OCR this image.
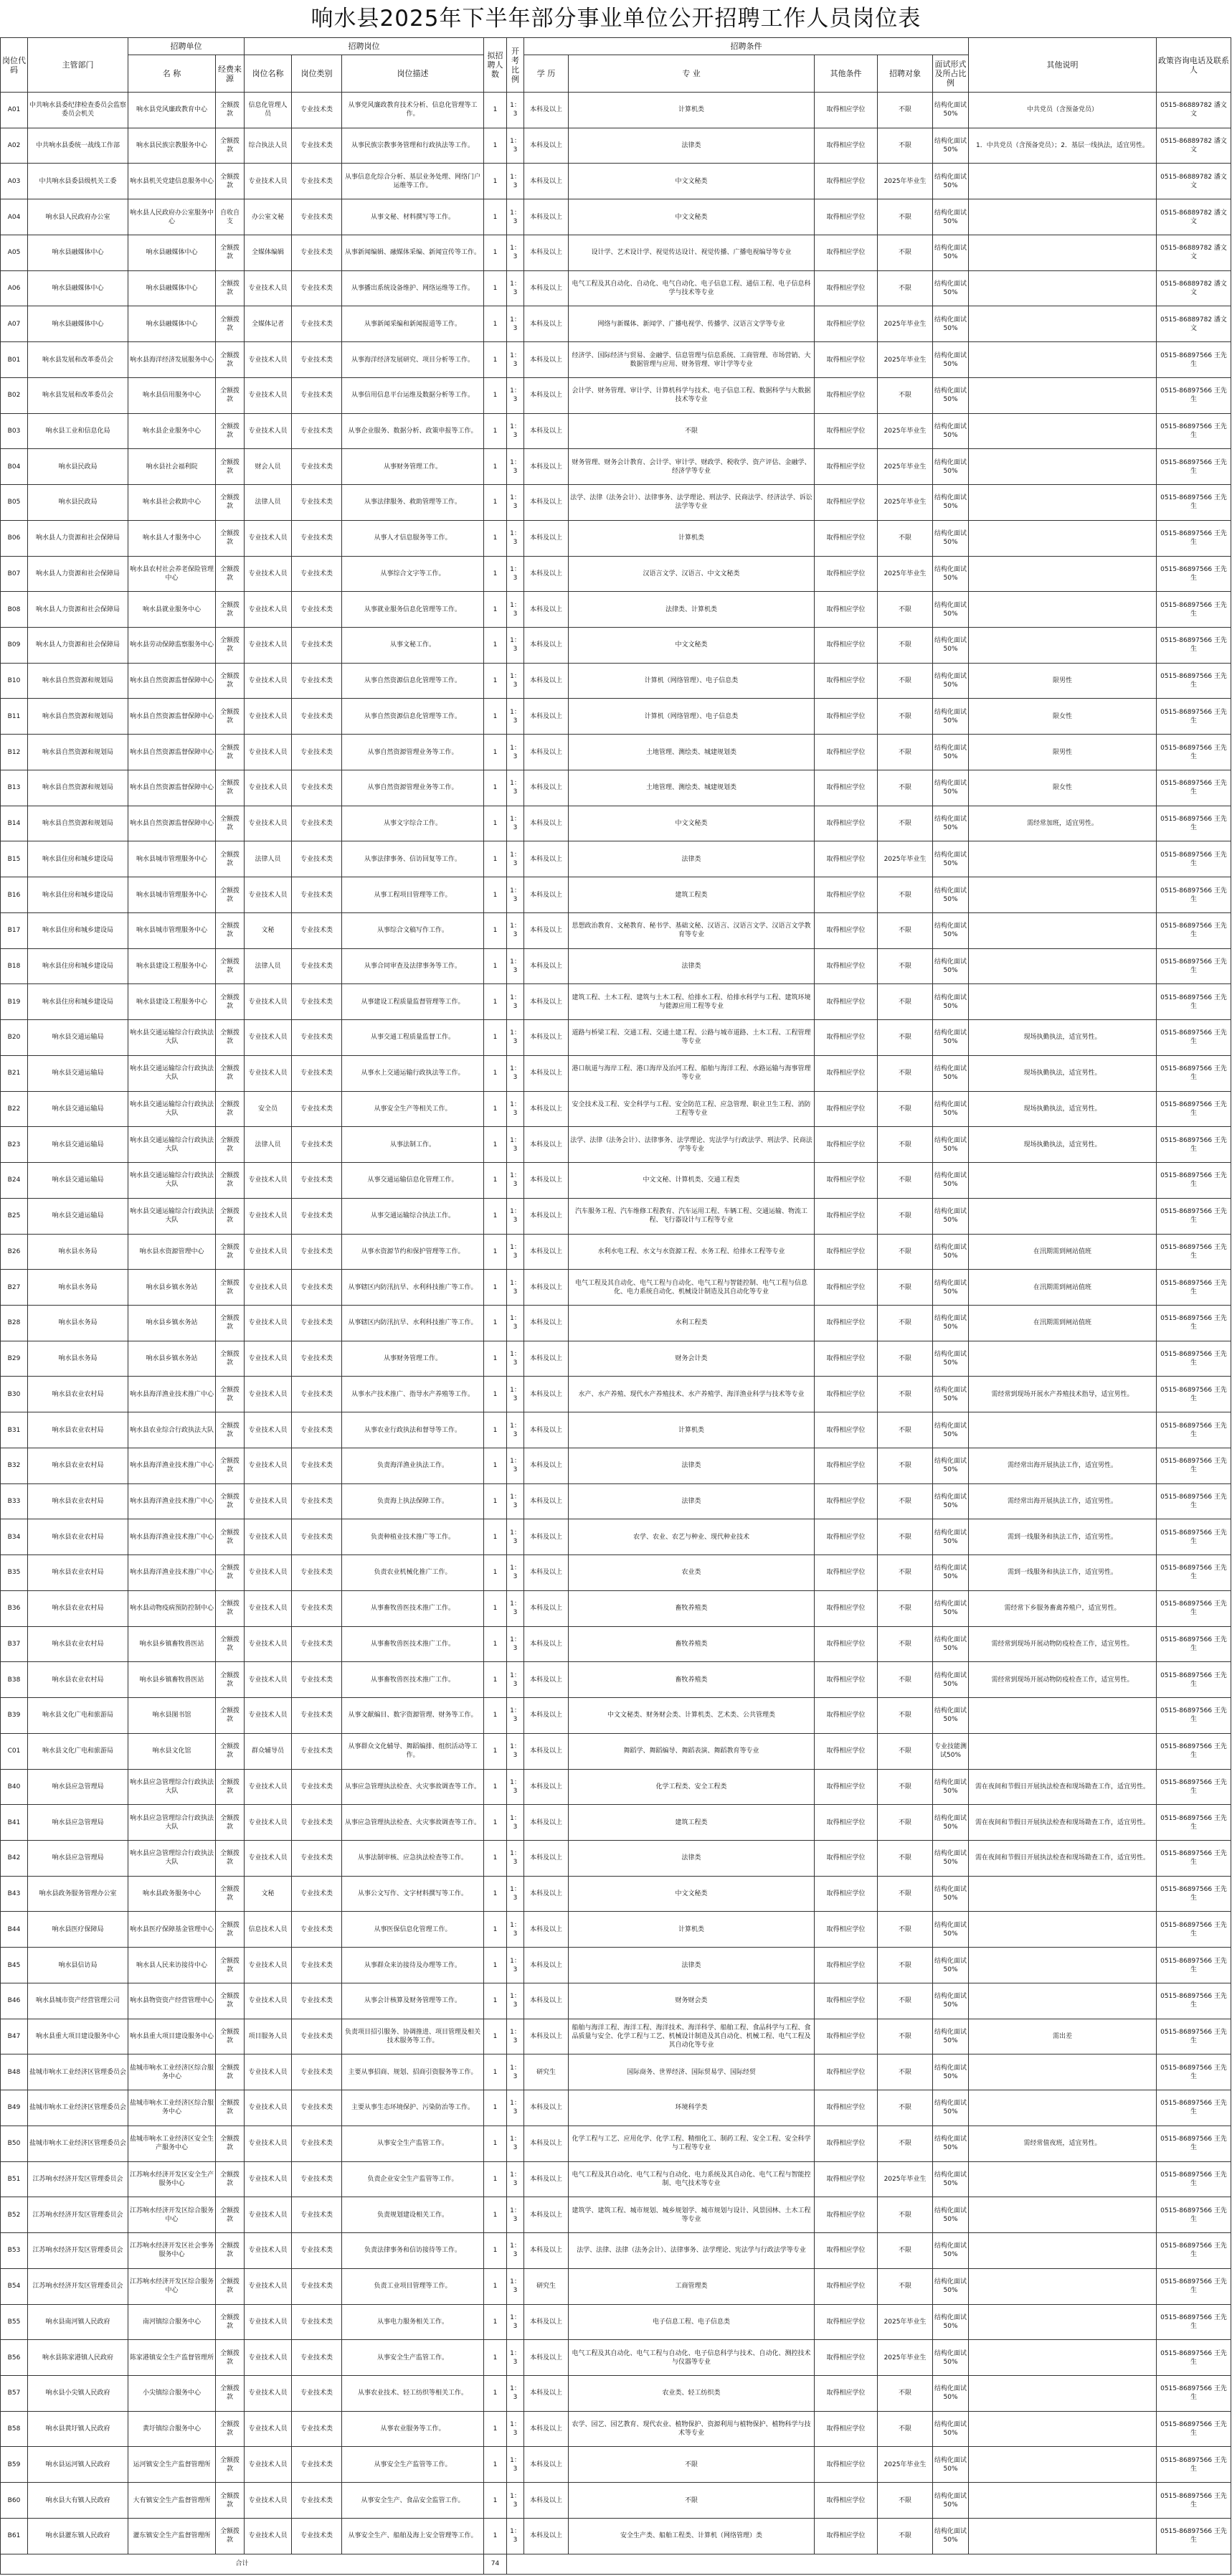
响水县2025年下半年部分事业单位公开招聘工作人员岗位表
岗位代码	主管部门	招聘单位		招聘岗位			拟招聘人数	开考比例	招聘条件					其他说明	政策咨询电话及联系人
		名 称	经费来源	岗位名称	岗位类别	岗位描述			学 历	专 业	其他条件	招聘对象	面试形式及所占比例		
A01	中共响水县委纪律检查委员会监察委员会机关	响水县党风廉政教育中心	全额拨款	信息化管理人员	专业技术类	从事党风廉政教育技术分析、信息化管理等工作。	1	1：3	本科及以上	计算机类	取得相应学位	不限	结构化面试50%	中共党员（含预备党员）	0515-86889782 潘文文
A02	中共响水县委统一战线工作部	响水县民族宗教服务中心	全额拨款	综合执法人员	专业技术类	从事民族宗教事务管理和行政执法等工作。	1	1：3	本科及以上	法律类	取得相应学位	不限	结构化面试50%	1．中共党员（含预备党员）；2．基层一线执法，适宜男性。	0515-86889782 潘文文
A03	中共响水县委县级机关工委	响水县机关党建信息服务中心	全额拨款	专业技术人员	专业技术类	从事信息化综合分析、基层业务处理、网络门户运维等工作。	1	1：3	本科及以上	中文文秘类	取得相应学位	2025年毕业生	结构化面试50%		0515-86889782 潘文文
A04	响水县人民政府办公室	响水县人民政府办公室服务中心	自收自支	办公室文秘	专业技术类	从事文秘、材料撰写等工作。	1	1：3	本科及以上	中文文秘类	取得相应学位	不限	结构化面试50%		0515-86889782 潘文文
A05	响水县融媒体中心	响水县融媒体中心	全额拨款	全媒体编辑	专业技术类	从事新闻编辑、融媒体采编、新闻宣传等工作。	1	1：3	本科及以上	设计学、艺术设计学、视觉传达设计、视觉传播、广播电视编导等专业	取得相应学位	不限	结构化面试50%		0515-86889782 潘文文
A06	响水县融媒体中心	响水县融媒体中心	全额拨款	专业技术人员	专业技术类	从事播出系统设备维护、网络运维等工作。	1	1：3	本科及以上	电气工程及其自动化、自动化、电气自动化、电子信息工程、通信工程、电子信息科学与技术等专业	取得相应学位	不限	结构化面试50%		0515-86889782 潘文文
A07	响水县融媒体中心	响水县融媒体中心	全额拨款	全媒体记者	专业技术类	从事新闻采编和新闻报道等工作。	1	1：3	本科及以上	网络与新媒体、新闻学、广播电视学、传播学、汉语言文学等专业	取得相应学位	2025年毕业生	结构化面试50%		0515-86889782 潘文文
B01	响水县发展和改革委员会	响水县海洋经济发展服务中心	全额拨款	专业技术人员	专业技术类	从事海洋经济发展研究、项目分析等工作。	1	1：3	本科及以上	经济学、国际经济与贸易、金融学、信息管理与信息系统、工商管理、市场营销、大数据管理与应用、财务管理、审计学等专业	取得相应学位	2025年毕业生	结构化面试50%		0515-86897566 王先生
B02	响水县发展和改革委员会	响水县信用服务中心	全额拨款	专业技术人员	专业技术类	从事信用信息平台运维及数据分析等工作。	1	1：3	本科及以上	会计学、财务管理、审计学、计算机科学与技术、电子信息工程、数据科学与大数据技术等专业	取得相应学位	不限	结构化面试50%		0515-86897566 王先生
B03	响水县工业和信息化局	响水县企业服务中心	全额拨款	专业技术人员	专业技术类	从事企业服务、数据分析、政策申报等工作。	1	1：3	本科及以上	不限	取得相应学位	2025年毕业生	结构化面试50%		0515-86897566 王先生
B04	响水县民政局	响水县社会福利院	全额拨款	财会人员	专业技术类	从事财务管理工作。	1	1：3	本科及以上	财务管理、财务会计教育、会计学、审计学、财政学、税收学、资产评估、金融学、经济学等专业	取得相应学位	2025年毕业生	结构化面试50%		0515-86897566 王先生
B05	响水县民政局	响水县社会救助中心	全额拨款	法律人员	专业技术类	从事法律服务、救助管理等工作。	1	1：3	本科及以上	法学、法律（法务会计）、法律事务、法学理论、刑法学、民商法学、经济法学、诉讼法学等专业	取得相应学位	2025年毕业生	结构化面试50%		0515-86897566 王先生
B06	响水县人力资源和社会保障局	响水县人才服务中心	全额拨款	专业技术人员	专业技术类	从事人才信息服务等工作。	1	1：3	本科及以上	计算机类	取得相应学位	不限	结构化面试50%		0515-86897566 王先生
B07	响水县人力资源和社会保障局	响水县农村社会养老保险管理中心	全额拨款	专业技术人员	专业技术类	从事综合文字等工作。	1	1：3	本科及以上	汉语言文学、汉语言、中文文秘类	取得相应学位	2025年毕业生	结构化面试50%		0515-86897566 王先生
B08	响水县人力资源和社会保障局	响水县就业服务中心	全额拨款	专业技术人员	专业技术类	从事就业服务信息化管理等工作。	1	1：3	本科及以上	法律类、计算机类	取得相应学位	不限	结构化面试50%		0515-86897566 王先生
B09	响水县人力资源和社会保障局	响水县劳动保障监察服务中心	全额拨款	专业技术人员	专业技术类	从事文秘工作。	1	1：3	本科及以上	中文文秘类	取得相应学位	不限	结构化面试50%		0515-86897566 王先生
B10	响水县自然资源和规划局	响水县自然资源监督保障中心	全额拨款	专业技术人员	专业技术类	从事自然资源信息化管理等工作。	1	1：3	本科及以上	计算机（网络管理）、电子信息类	取得相应学位	不限	结构化面试50%	限男性	0515-86897566 王先生
B11	响水县自然资源和规划局	响水县自然资源监督保障中心	全额拨款	专业技术人员	专业技术类	从事自然资源信息化管理等工作。	1	1：3	本科及以上	计算机（网络管理）、电子信息类	取得相应学位	不限	结构化面试50%	限女性	0515-86897566 王先生
B12	响水县自然资源和规划局	响水县自然资源监督保障中心	全额拨款	专业技术人员	专业技术类	从事自然资源管理业务等工作。	1	1：3	本科及以上	土地管理、测绘类、城建规划类	取得相应学位	不限	结构化面试50%	限男性	0515-86897566 王先生
B13	响水县自然资源和规划局	响水县自然资源监督保障中心	全额拨款	专业技术人员	专业技术类	从事自然资源管理业务等工作。	1	1：3	本科及以上	土地管理、测绘类、城建规划类	取得相应学位	不限	结构化面试50%	限女性	0515-86897566 王先生
B14	响水县自然资源和规划局	响水县自然资源监督保障中心	全额拨款	专业技术人员	专业技术类	从事文字综合工作。	1	1：3	本科及以上	中文文秘类	取得相应学位	不限	结构化面试50%	需经常加班，适宜男性。	0515-86897566 王先生
B15	响水县住房和城乡建设局	响水县城市管理服务中心	全额拨款	法律人员	专业技术类	从事法律事务、信访回复等工作。	1	1：3	本科及以上	法律类	取得相应学位	2025年毕业生	结构化面试50%		0515-86897566 王先生
B16	响水县住房和城乡建设局	响水县城市管理服务中心	全额拨款	专业技术人员	专业技术类	从事工程项目管理等工作。	1	1：3	本科及以上	建筑工程类	取得相应学位	不限	结构化面试50%		0515-86897566 王先生
B17	响水县住房和城乡建设局	响水县城市管理服务中心	全额拨款	文秘	专业技术类	从事综合文稿写作工作。	1	1：3	本科及以上	思想政治教育、文秘教育、秘书学、基础文秘、汉语言、汉语言文学、汉语言文学教育等专业	取得相应学位	不限	结构化面试50%		0515-86897566 王先生
B18	响水县住房和城乡建设局	响水县建设工程服务中心	全额拨款	法律人员	专业技术类	从事合同审查及法律事务等工作。	1	1：3	本科及以上	法律类	取得相应学位	不限	结构化面试50%		0515-86897566 王先生
B19	响水县住房和城乡建设局	响水县建设工程服务中心	全额拨款	专业技术人员	专业技术类	从事建设工程质量监督管理等工作。	1	1：3	本科及以上	建筑工程、土木工程、建筑与土木工程、给排水工程、给排水科学与工程、建筑环境与能源应用工程等专业	取得相应学位	不限	结构化面试50%		0515-86897566 王先生
B20	响水县交通运输局	响水县交通运输综合行政执法大队	全额拨款	专业技术人员	专业技术类	从事交通工程质量监督工作。	1	1：3	本科及以上	道路与桥梁工程、交通工程、交通土建工程、公路与城市道路、土木工程、工程管理等专业	取得相应学位	不限	结构化面试50%	现场执勤执法，适宜男性。	0515-86897566 王先生
B21	响水县交通运输局	响水县交通运输综合行政执法大队	全额拨款	专业技术人员	专业技术类	从事水上交通运输行政执法等工作。	1	1：3	本科及以上	港口航道与海岸工程、港口海岸及治河工程、船舶与海洋工程、水路运输与海事管理等专业	取得相应学位	不限	结构化面试50%	现场执勤执法，适宜男性。	0515-86897566 王先生
B22	响水县交通运输局	响水县交通运输综合行政执法大队	全额拨款	安全员	专业技术类	从事安全生产等相关工作。	1	1：3	本科及以上	安全技术及工程、安全科学与工程、安全防范工程、应急管理、职业卫生工程、消防工程等专业	取得相应学位	不限	结构化面试50%	现场执勤执法，适宜男性。	0515-86897566 王先生
B23	响水县交通运输局	响水县交通运输综合行政执法大队	全额拨款	法律人员	专业技术类	从事法制工作。	1	1：3	本科及以上	法学、法律（法务会计）、法律事务、法学理论、宪法学与行政法学、刑法学、民商法学等专业	取得相应学位	不限	结构化面试50%	现场执勤执法，适宜男性。	0515-86897566 王先生
B24	响水县交通运输局	响水县交通运输综合行政执法大队	全额拨款	专业技术人员	专业技术类	从事交通运输信息化管理工作。	1	1：3	本科及以上	中文文秘、计算机类、交通工程类	取得相应学位	不限	结构化面试50%		0515-86897566 王先生
B25	响水县交通运输局	响水县交通运输综合行政执法大队	全额拨款	专业技术人员	专业技术类	从事交通运输综合执法工作。	1	1：3	本科及以上	汽车服务工程、汽车维修工程教育、汽车运用工程、车辆工程、交通运输、物流工程、飞行器设计与工程等专业	取得相应学位	不限	结构化面试50%		0515-86897566 王先生
B26	响水县水务局	响水县水资源管理中心	全额拨款	专业技术人员	专业技术类	从事水资源节约和保护管理等工作。	1	1：3	本科及以上	水利水电工程、水文与水资源工程、水务工程、给排水工程等专业	取得相应学位	不限	结构化面试50%	在汛期需到闸站值班	0515-86897566 王先生
B27	响水县水务局	响水县乡镇水务站	全额拨款	专业技术人员	专业技术类	从事辖区内防汛抗旱、水利科技推广等工作。	1	1：3	本科及以上	电气工程及其自动化、电气工程与自动化、电气工程与智能控制、电气工程与信息化、电力系统自动化、机械设计制造及其自动化等专业	取得相应学位	不限	结构化面试50%	在汛期需到闸站值班	0515-86897566 王先生
B28	响水县水务局	响水县乡镇水务站	全额拨款	专业技术人员	专业技术类	从事辖区内防汛抗旱、水利科技推广等工作。	1	1：3	本科及以上	水利工程类	取得相应学位	不限	结构化面试50%	在汛期需到闸站值班	0515-86897566 王先生
B29	响水县水务局	响水县乡镇水务站	全额拨款	专业技术人员	专业技术类	从事财务管理工作。	1	1：3	本科及以上	财务会计类	取得相应学位	不限	结构化面试50%		0515-86897566 王先生
B30	响水县农业农村局	响水县海洋渔业技术推广中心	全额拨款	专业技术人员	专业技术类	从事水产技术推广、指导水产养殖等工作。	1	1：3	本科及以上	水产、水产养殖、现代水产养殖技术、水产养殖学、海洋渔业科学与技术等专业	取得相应学位	不限	结构化面试50%	需经常到现场开展水产养殖技术指导，适宜男性。	0515-86897566 王先生
B31	响水县农业农村局	响水县农业综合行政执法大队	全额拨款	专业技术人员	专业技术类	从事农业行政执法和督导等工作。	1	1：3	本科及以上	计算机类	取得相应学位	不限	结构化面试50%		0515-86897566 王先生
B32	响水县农业农村局	响水县海洋渔业技术推广中心	全额拨款	专业技术人员	专业技术类	负责海洋渔业执法工作。	1	1：3	本科及以上	法律类	取得相应学位	不限	结构化面试50%	需经常出海开展执法工作，适宜男性。	0515-86897566 王先生
B33	响水县农业农村局	响水县海洋渔业技术推广中心	全额拨款	专业技术人员	专业技术类	负责海上执法保障工作。	1	1：3	本科及以上	法律类	取得相应学位	不限	结构化面试50%	需经常出海开展执法工作，适宜男性。	0515-86897566 王先生
B34	响水县农业农村局	响水县海洋渔业技术推广中心	全额拨款	专业技术人员	专业技术类	负责种植业技术推广等工作。	1	1：3	本科及以上	农学、农业、农艺与种业、现代种业技术	取得相应学位	不限	结构化面试50%	需到一线服务和执法工作，适宜男性。	0515-86897566 王先生
B35	响水县农业农村局	响水县海洋渔业技术推广中心	全额拨款	专业技术人员	专业技术类	负责农业机械化推广工作。	1	1：3	本科及以上	农业类	取得相应学位	不限	结构化面试50%	需到一线服务和执法工作，适宜男性。	0515-86897566 王先生
B36	响水县农业农村局	响水县动物疫病预防控制中心	全额拨款	专业技术人员	专业技术类	从事畜牧兽医技术推广工作。	1	1：3	本科及以上	畜牧养殖类	取得相应学位	不限	结构化面试50%	需经常下乡服务畜禽养殖户，适宜男性。	0515-86897566 王先生
B37	响水县农业农村局	响水县乡镇畜牧兽医站	全额拨款	专业技术人员	专业技术类	从事畜牧兽医技术推广工作。	1	1：3	本科及以上	畜牧养殖类	取得相应学位	不限	结构化面试50%	需经常到现场开展动物防疫检查工作，适宜男性。	0515-86897566 王先生
B38	响水县农业农村局	响水县乡镇畜牧兽医站	全额拨款	专业技术人员	专业技术类	从事畜牧兽医技术推广工作。	1	1：3	本科及以上	畜牧养殖类	取得相应学位	不限	结构化面试50%	需经常到现场开展动物防疫检查工作，适宜男性。	0515-86897566 王先生
B39	响水县文化广电和旅游局	响水县图书馆	全额拨款	专业技术人员	专业技术类	从事文献编目、数字资源管理、财务等工作。	1	1：3	本科及以上	中文文秘类、财务财会类、计算机类、艺术类、公共管理类	取得相应学位	不限	结构化面试50%		0515-86897566 王先生
C01	响水县文化广电和旅游局	响水县文化馆	全额拨款	群众辅导员	专业技术类	从事群众文化辅导、舞蹈编排、组织活动等工作。	1	1：3	本科及以上	舞蹈学、舞蹈编导、舞蹈表演、舞蹈教育等专业	取得相应学位	不限	专业技能测试50%		0515-86897566 王先生
B40	响水县应急管理局	响水县应急管理综合行政执法大队	全额拨款	专业技术人员	专业技术类	从事应急管理执法检查、火灾事故调查等工作。	1	1：3	本科及以上	化学工程类、安全工程类	取得相应学位	不限	结构化面试50%	需在夜间和节假日开展执法检查和现场勘查工作，适宜男性。	0515-86897566 王先生
B41	响水县应急管理局	响水县应急管理综合行政执法大队	全额拨款	专业技术人员	专业技术类	从事应急管理执法检查、火灾事故调查等工作。	1	1：3	本科及以上	建筑工程类	取得相应学位	不限	结构化面试50%	需在夜间和节假日开展执法检查和现场勘查工作，适宜男性。	0515-86897566 王先生
B42	响水县应急管理局	响水县应急管理综合行政执法大队	全额拨款	专业技术人员	专业技术类	从事法制审核、应急执法检查等工作。	1	1：3	本科及以上	法律类	取得相应学位	不限	结构化面试50%	需在夜间和节假日开展执法检查和现场勘查工作，适宜男性。	0515-86897566 王先生
B43	响水县政务服务管理办公室	响水县政务服务中心	全额拨款	文秘	专业技术类	从事公文写作、文字材料撰写等工作。	1	1：3	本科及以上	中文文秘类	取得相应学位	不限	结构化面试50%		0515-86897566 王先生
B44	响水县医疗保障局	响水县医疗保障基金管理中心	全额拨款	信息技术人员	专业技术类	从事医保信息化管理工作。	1	1：3	本科及以上	计算机类	取得相应学位	不限	结构化面试50%		0515-86897566 王先生
B45	响水县信访局	响水县人民来访接待中心	全额拨款	专业技术人员	专业技术类	从事群众来访接待及办理等工作。	1	1：3	本科及以上	法律类	取得相应学位	不限	结构化面试50%		0515-86897566 王先生
B46	响水县城市资产经营管理公司	响水县物资资产经营管理中心	全额拨款	专业技术人员	专业技术类	从事会计核算及财务管理等工作。	1	1：3	本科及以上	财务财会类	取得相应学位	不限	结构化面试50%		0515-86897566 王先生
B47	响水县重大项目建设服务中心	响水县重大项目建设服务中心	全额拨款	项目服务人员	专业技术类	负责项目招引服务、协调推进、项目管理及相关技术服务等工作。	1	1：3	本科及以上	船舶与海洋工程、海洋工程、海洋技术、海洋科学、船舶工程、食品科学与工程、食品质量与安全、化学工程与工艺、机械设计制造及其自动化、机械工程、电气工程及其自动化等专业	取得相应学位	不限	结构化面试50%	需出差	0515-86897566 王先生
B48	盐城市响水工业经济区管理委员会	盐城市响水工业经济区综合服务中心	全额拨款	专业技术人员	专业技术类	主要从事招商、规划、招商引资服务等工作。	1	1：3	研究生	国际商务、世界经济、国际贸易学、国际经贸	取得相应学位	不限	结构化面试50%		0515-86897566 王先生
B49	盐城市响水工业经济区管理委员会	盐城市响水工业经济区综合服务中心	全额拨款	专业技术人员	专业技术类	主要从事生态环境保护、污染防治等工作。	1	1：3	本科及以上	环境科学类	取得相应学位	不限	结构化面试50%		0515-86897566 王先生
B50	盐城市响水工业经济区管理委员会	盐城市响水工业经济区安全生产服务中心	全额拨款	专业技术人员	专业技术类	从事安全生产监管工作。	1	1：3	本科及以上	化学工程与工艺、应用化学、化学工程、精细化工、制药工程、安全工程、安全科学与工程等专业	取得相应学位	不限	结构化面试50%	需经常值夜班，适宜男性。	0515-86897566 王先生
B51	江苏响水经济开发区管理委员会	江苏响水经济开发区安全生产服务中心	全额拨款	专业技术人员	专业技术类	负责企业安全生产监管等工作。	1	1：3	本科及以上	电气工程及其自动化、电气工程与自动化、电力系统及其自动化、电气工程与智能控制、电气技术等专业	取得相应学位	2025年毕业生	结构化面试50%		0515-86897566 王先生
B52	江苏响水经济开发区管理委员会	江苏响水经济开发区综合服务中心	全额拨款	专业技术人员	专业技术类	负责规划建设相关工作。	1	1：3	本科及以上	建筑学、建筑工程、城市规划、城乡规划学、城市规划与设计、风景园林、土木工程等专业	取得相应学位	不限	结构化面试50%		0515-86897566 王先生
B53	江苏响水经济开发区管理委员会	江苏响水经济开发区社会事务服务中心	全额拨款	专业技术人员	专业技术类	负责法律事务和信访接待等工作。	1	1：3	本科及以上	法学、法律、法律（法务会计）、法律事务、法学理论、宪法学与行政法学等专业	取得相应学位	不限	结构化面试50%		0515-86897566 王先生
B54	江苏响水经济开发区管理委员会	江苏响水经济开发区综合服务中心	全额拨款	专业技术人员	专业技术类	负责工业项目管理等工作。	1	1：3	研究生	工商管理类	取得相应学位	不限	结构化面试50%		0515-86897566 王先生
B55	响水县南河镇人民政府	南河镇综合服务中心	全额拨款	专业技术人员	专业技术类	从事电力服务相关工作。	1	1：3	本科及以上	电子信息工程、电子信息类	取得相应学位	2025年毕业生	结构化面试50%		0515-86897566 王先生
B56	响水县陈家港镇人民政府	陈家港镇安全生产监督管理所	全额拨款	专业技术人员	专业技术类	从事安全生产监管工作。	1	1：3	本科及以上	电气工程及其自动化、电气工程与自动化、电子信息科学与技术、自动化、测控技术与仪器等专业	取得相应学位	2025年毕业生	结构化面试50%		0515-86897566 王先生
B57	响水县小尖镇人民政府	小尖镇综合服务中心	全额拨款	专业技术人员	专业技术类	从事农业技术、轻工纺织等相关工作。	1	1：3	本科及以上	农业类、轻工纺织类	取得相应学位	不限	结构化面试50%		0515-86897566 王先生
B58	响水县黄圩镇人民政府	黄圩镇综合服务中心	全额拨款	专业技术人员	专业技术类	从事农业服务等工作。	1	1：3	本科及以上	农学、园艺、园艺教育、现代农业、植物保护、资源利用与植物保护、植物科学与技术等专业	取得相应学位	不限	结构化面试50%		0515-86897566 王先生
B59	响水县运河镇人民政府	运河镇安全生产监督管理所	全额拨款	专业技术人员	专业技术类	从事安全生产监管等工作。	1	1：3	本科及以上	不限	取得相应学位	2025年毕业生	结构化面试50%		0515-86897566 王先生
B60	响水县大有镇人民政府	大有镇安全生产监督管理所	全额拨款	专业技术人员	专业技术类	从事安全生产、食品安全监管工作。	1	1：3	本科及以上	不限	取得相应学位	不限	结构化面试50%		0515-86897566 王先生
B61	响水县灌东镇人民政府	灌东镇安全生产监督管理所	全额拨款	专业技术人员	专业技术类	从事安全生产、船舶及海上安全管理等工作。	1	1：3	本科及以上	安全生产类、船舶工程类、计算机（网络管理）类	取得相应学位	不限	结构化面试50%		0515-86897566 王先生
合计							74								
